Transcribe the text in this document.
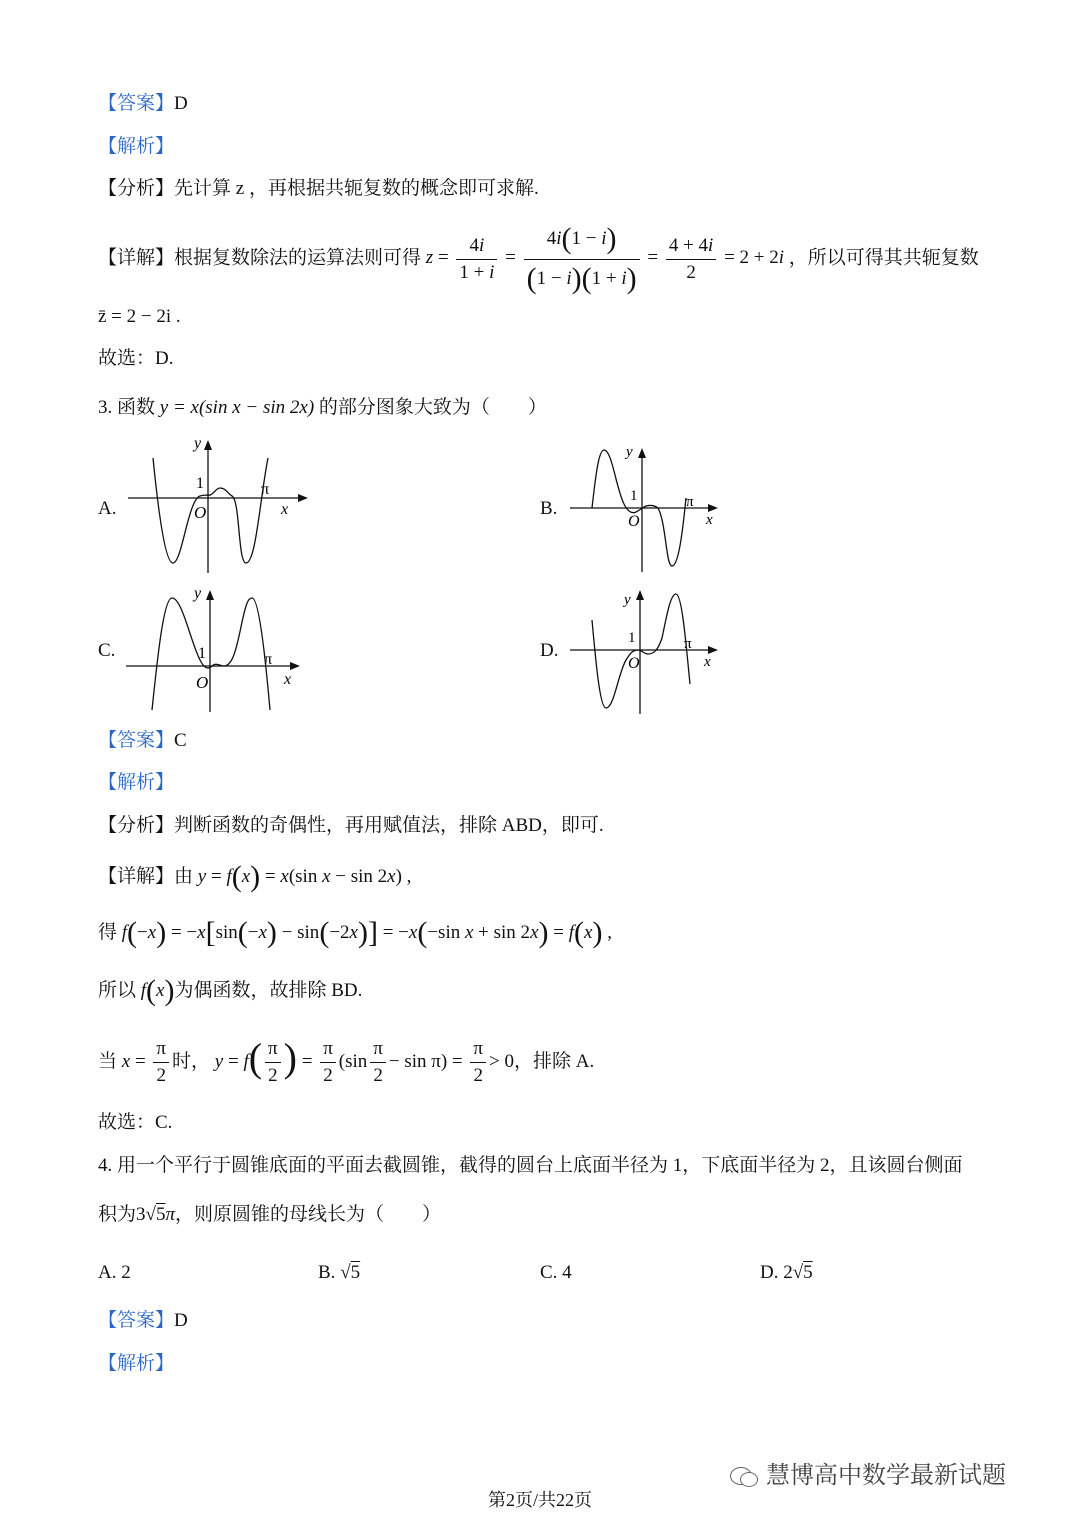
【答案】D
【解析】
【分析】先计算 z ，再根据共轭复数的概念即可求解.
【详解】根据复数除法的运算法则可得 $z = \frac{4i}{1 + i} = \frac{4i(1 - i)}{(1 - i)(1 + i)} = \frac{4 + 4i}{2} = 2 + 2i$ ，所以可得其共轭复数
z̄ = 2 − 2i .
故选：D.
3. 函数 y = x(sin x − sin 2x) 的部分图象大致为（　　）
A.
y
1
O
π
x	B.
y
1
O
π
x
C.
y
1
O
π
x
D.
y
1
O
π
x
【答案】C
【解析】
【分析】判断函数的奇偶性，再用赋值法，排除 ABD，即可.
【详解】由 y = f(x) = x(sin x − sin 2x) ,
得 f(−x) = −x[sin(−x) − sin(−2x)] = −x(−sin x + sin 2x) = f(x) ,
所以 f(x)为偶函数，故排除 BD.
当 $x = \frac{\pi}{2}$ 时， $y = f( \frac{\pi}{2}$ ) = $\frac{\pi}{2} (\sin \frac{\pi}{2} - \sin \pi) = \frac{\pi}{2} > 0$，排除 A.
故选：C.
4. 用一个平行于圆锥底面的平面去截圆锥，截得的圆台上底面半径为 1，下底面半径为 2，且该圆台侧面
积为3√5π，则原圆锥的母线长为（　　）
A. 2	B. √5	C. 4	D. 2√5
【答案】D
【解析】
慧博高中数学最新试题
第2页/共22页
